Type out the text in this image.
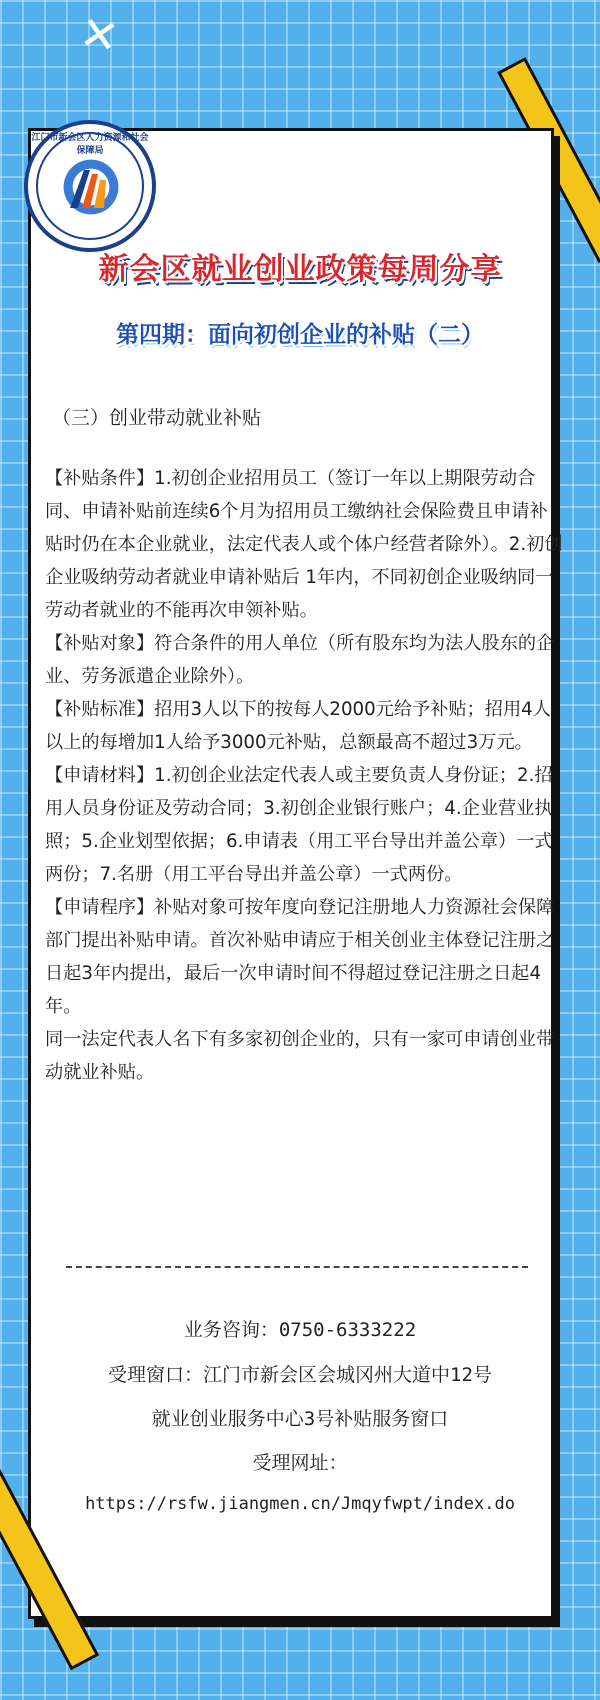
✕
江门市新会区人力资源和社会保障局
新会区就业创业政策每周分享
第四期：面向初创企业的补贴（二）
（三）创业带动就业补贴

【补贴条件】1.初创企业招用员工（签订一年以上期限劳动合同、申请补贴前连续6个月为招用员工缴纳社会保险费且申请补贴时仍在本企业就业，法定代表人或个体户经营者除外）。2.初创企业吸纳劳动者就业申请补贴后 1年内，不同初创企业吸纳同一劳动者就业的不能再次申领补贴。

【补贴对象】符合条件的用人单位（所有股东均为法人股东的企业、劳务派遣企业除外）。

【补贴标准】招用3人以下的按每人2000元给予补贴；招用4人以上的每增加1人给予3000元补贴，总额最高不超过3万元。

【申请材料】1.初创企业法定代表人或主要负责人身份证；2.招用人员身份证及劳动合同；3.初创企业银行账户；4.企业营业执照；5.企业划型依据；6.申请表（用工平台导出并盖公章）一式两份；7.名册（用工平台导出并盖公章）一式两份。

【申请程序】补贴对象可按年度向登记注册地人力资源社会保障部门提出补贴申请。首次补贴申请应于相关创业主体登记注册之日起3年内提出，最后一次申请时间不得超过登记注册之日起4年。

同一法定代表人名下有多家初创企业的，只有一家可申请创业带动就业补贴。

业务咨询：0750-6333222
受理窗口：江门市新会区会城冈州大道中12号
就业创业服务中心3号补贴服务窗口
受理网址：
https://rsfw.jiangmen.cn/Jmqyfwpt/index.do
